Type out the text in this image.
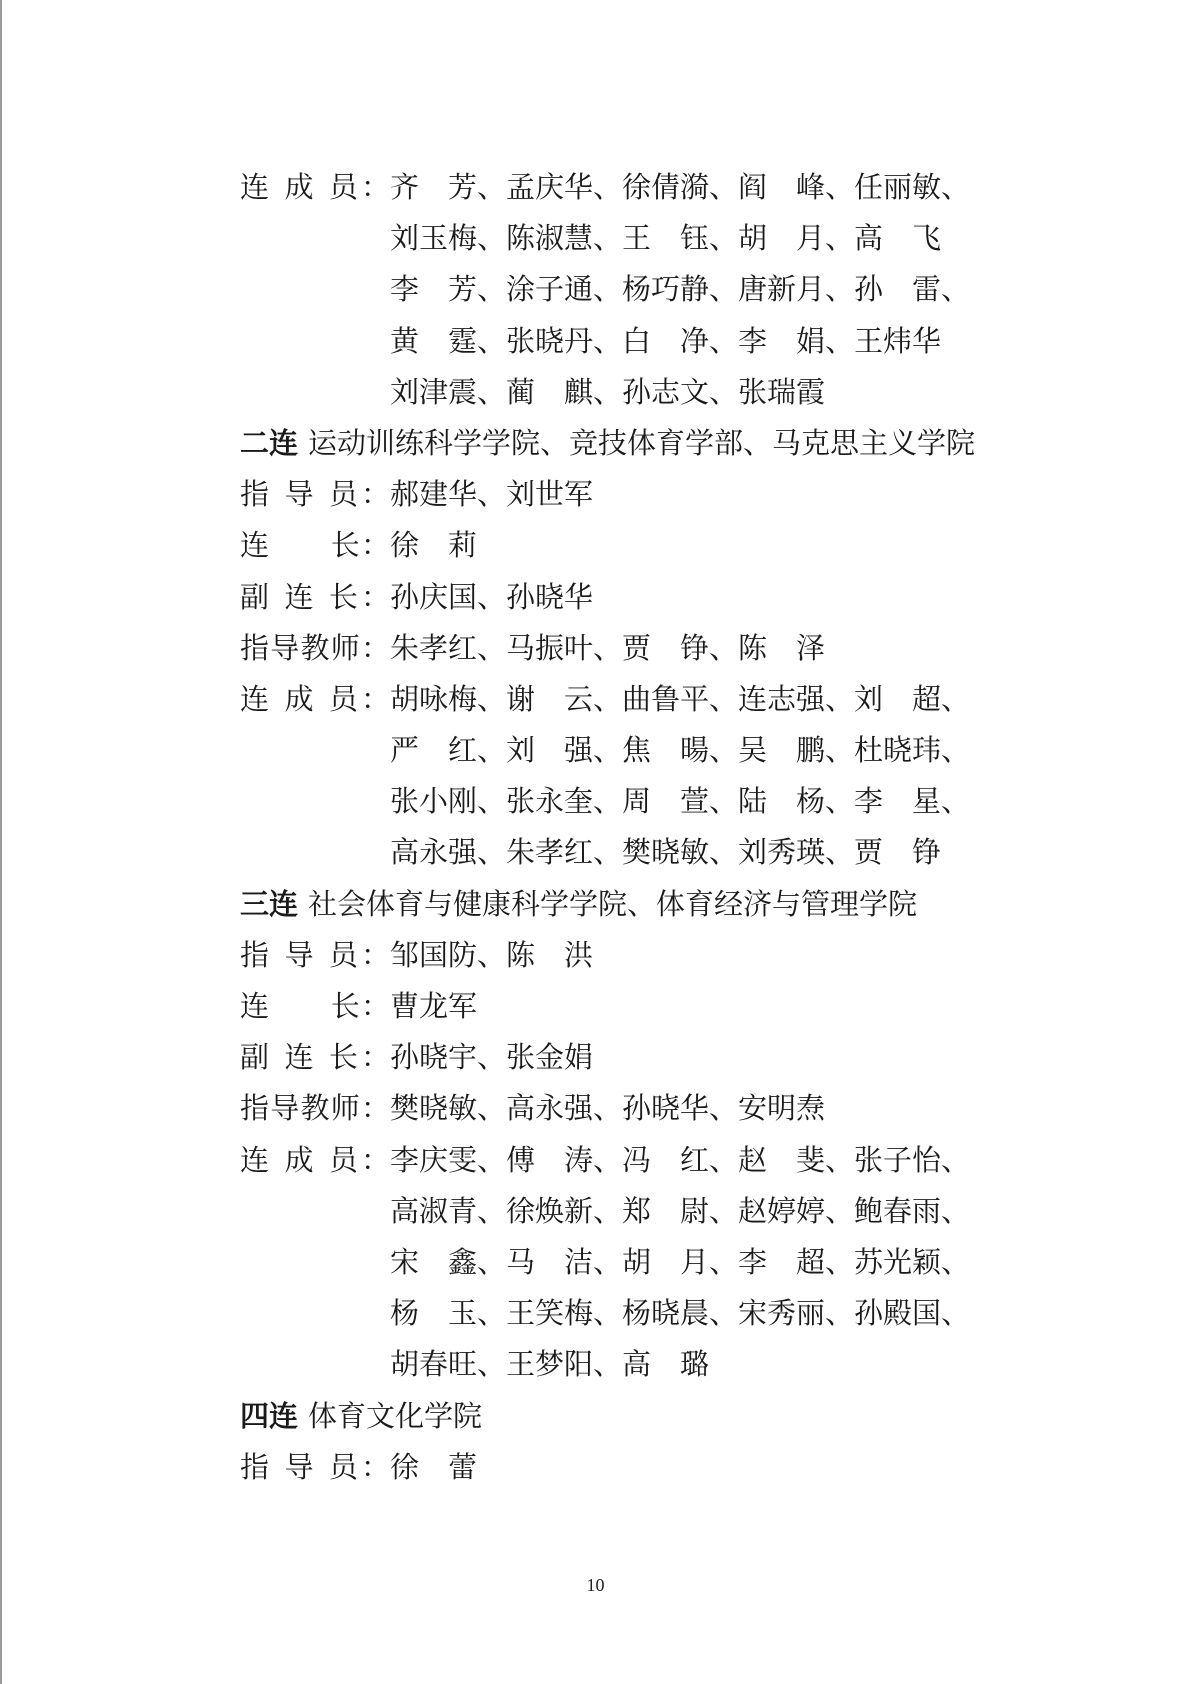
连 成 员：齐　芳、孟庆华、徐倩漪、阎　峰、任丽敏、
刘玉梅、陈淑慧、王　钰、胡　月、高　飞
李　芳、涂子通、杨巧静、唐新月、孙　雷、
黄　霆、张晓丹、白　净、李　娟、王炜华
刘津震、蔺　麒、孙志文、张瑞霞
二连 运动训练科学学院、竞技体育学部、马克思主义学院
指 导 员：郝建华、刘世军
连　　长：徐　莉
副 连 长：孙庆国、孙晓华
指导教师：朱孝红、马振叶、贾　铮、陈　泽
连 成 员：胡咏梅、谢　云、曲鲁平、连志强、刘　超、
严　红、刘　强、焦　暘、吴　鹏、杜晓玮、
张小刚、张永奎、周　萱、陆　杨、李　星、
高永强、朱孝红、樊晓敏、刘秀瑛、贾　铮
三连 社会体育与健康科学学院、体育经济与管理学院
指 导 员：邹国防、陈　洪
连　　长：曹龙军
副 连 长：孙晓宇、张金娟
指导教师：樊晓敏、高永强、孙晓华、安明焘
连 成 员：李庆雯、傅　涛、冯　红、赵　斐、张子怡、
高淑青、徐焕新、郑　尉、赵婷婷、鲍春雨、
宋　鑫、马　洁、胡　月、李　超、苏光颖、
杨　玉、王笑梅、杨晓晨、宋秀丽、孙殿国、
胡春旺、王梦阳、高　璐
四连 体育文化学院
指 导 员：徐　蕾
10
